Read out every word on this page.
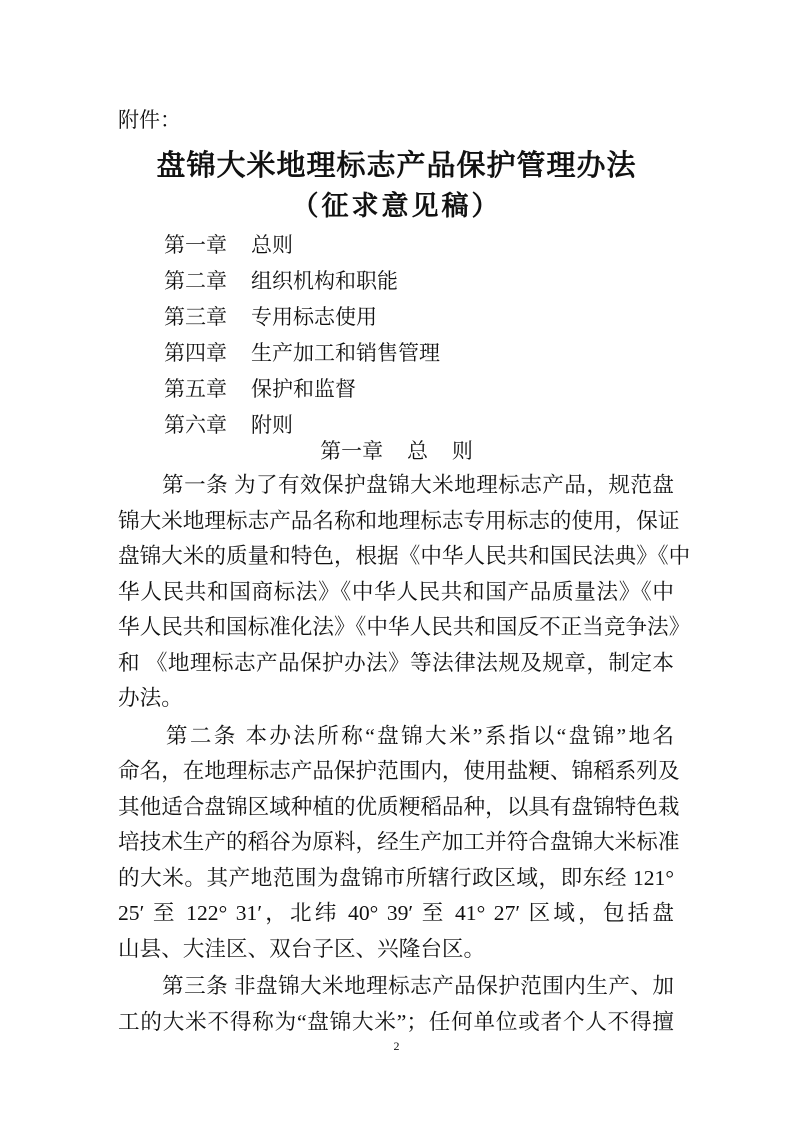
附件：
盘锦大米地理标志产品保护管理办法
（征求意见稿）
第一章	总则
第二章	组织机构和职能
第三章	专用标志使用
第四章	生产加工和销售管理
第五章	保护和监督
第六章	附则
第一章 总 则
　　第一条 为了有效保护盘锦大米地理标志产品，规范盘
锦大米地理标志产品名称和地理标志专用标志的使用，保证
盘锦大米的质量和特色，根据《中华人民共和国民法典》《中
华人民共和国商标法》《中华人民共和国产品质量法》《中
华人民共和国标准化法》《中华人民共和国反不正当竞争法》
和 《地理标志产品保护办法》等法律法规及规章，制定本
办法。
　　第二条 本办法所称“盘锦大米”系指以“盘锦”地名
命名，在地理标志产品保护范围内，使用盐粳、锦稻系列及
其他适合盘锦区域种植的优质粳稻品种，以具有盘锦特色栽
培技术生产的稻谷为原料，经生产加工并符合盘锦大米标准
的大米。其产地范围为盘锦市所辖行政区域，即东经 121°
25′ 至 122° 31′，北纬 40° 39′ 至 41° 27′ 区域，包括盘
山县、大洼区、双台子区、兴隆台区。
　　第三条 非盘锦大米地理标志产品保护范围内生产、加
工的大米不得称为“盘锦大米”；任何单位或者个人不得擅
2
